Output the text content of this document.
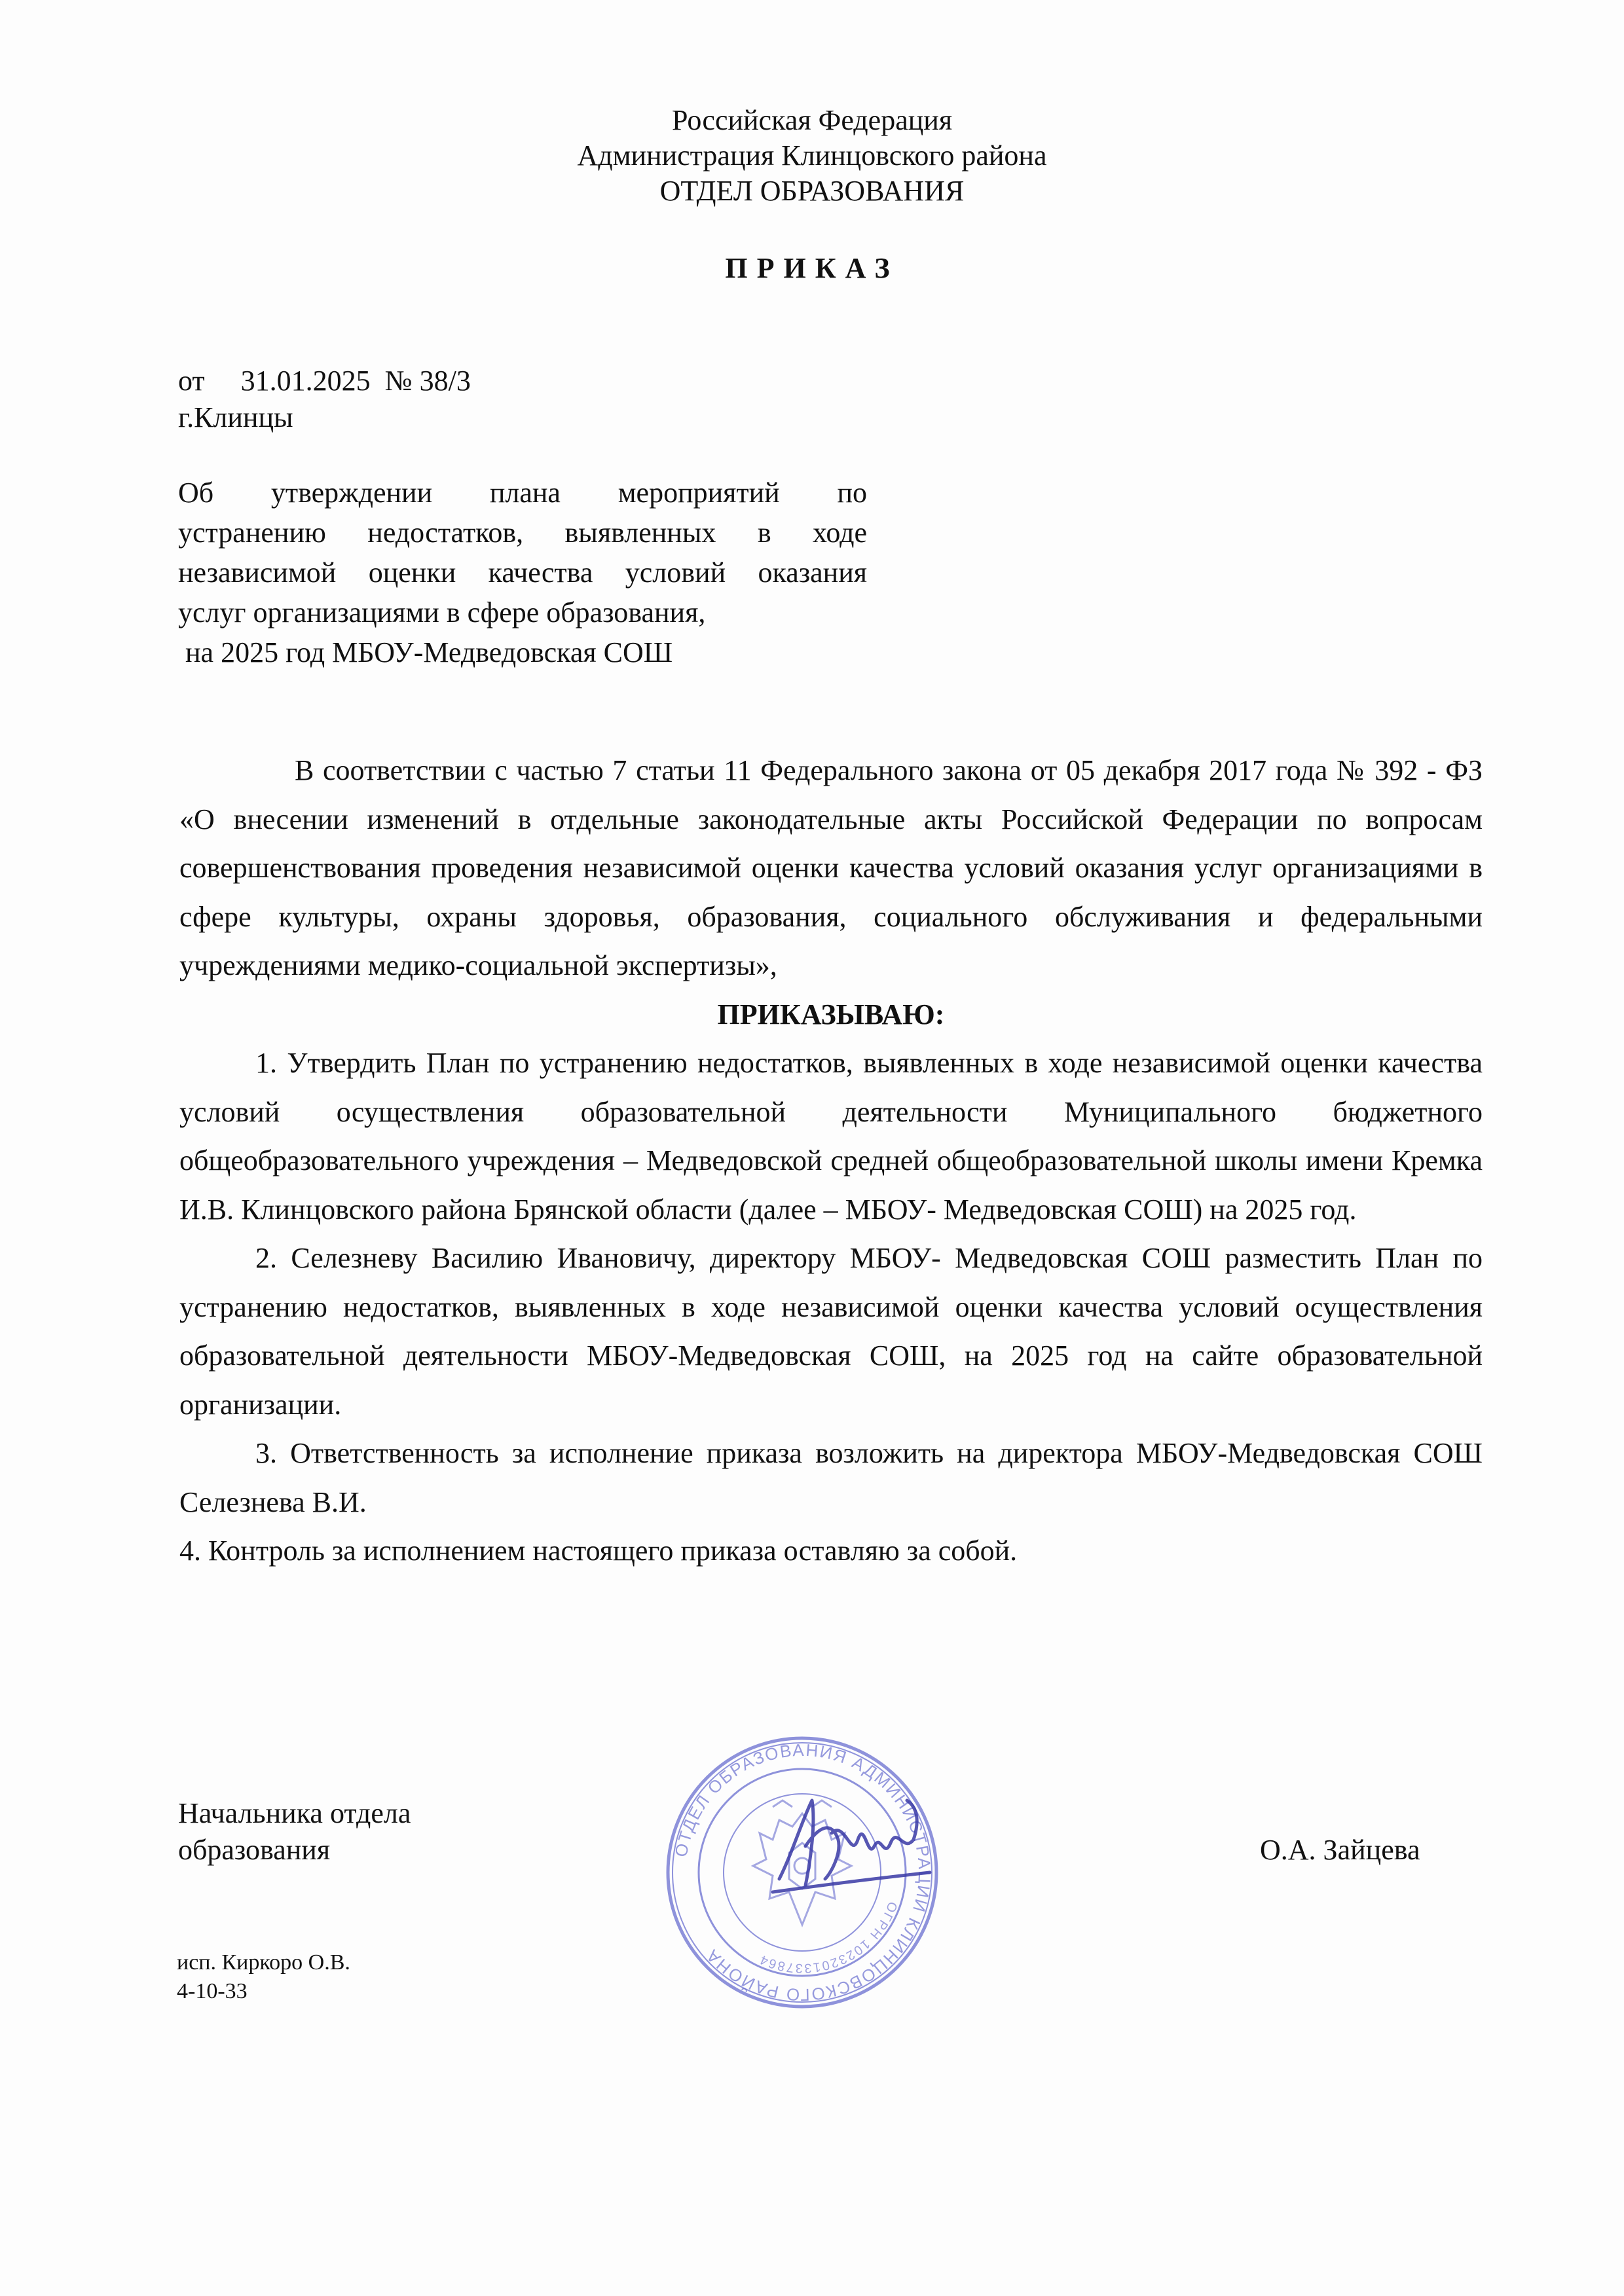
Российская Федерация
Администрация Клинцовского района
ОТДЕЛ ОБРАЗОВАНИЯ
ПРИКАЗ
от     31.01.2025  № 38/3
г.Клинцы
Об утверждении плана мероприятий по
устранению недостатков, выявленных в ходе
независимой оценки качества условий оказания
услуг организациями в сфере образования,
на 2025 год МБОУ-Медведовская СОШ

В соответствии с частью 7 статьи 11 Федерального закона от 05 декабря 2017 года № 392 - ФЗ «О внесении изменений в отдельные законодательные акты Российской Федерации по вопросам совершенствования проведения независимой оценки качества условий оказания услуг организациями в сфере культуры, охраны здоровья, образования, социального обслуживания и федеральными учреждениями медико-социальной экспертизы»,

ПРИКАЗЫВАЮ:

1. Утвердить План по устранению недостатков, выявленных в ходе независимой оценки качества условий осуществления образовательной деятельности Муниципального бюджетного общеобразовательного учреждения – Медведовской средней общеобразовательной школы имени Кремка И.В. Клинцовского района Брянской области (далее – МБОУ- Медведовская СОШ) на 2025 год.

2. Селезневу Василию Ивановичу, директору МБОУ- Медведовская СОШ разместить План по устранению недостатков, выявленных в ходе независимой оценки качества условий осуществления образовательной деятельности МБОУ-Медведовская СОШ, на 2025 год на сайте образовательной организации.

3. Ответственность за исполнение приказа возложить на директора МБОУ-Медведовская СОШ Селезнева В.И.

4. Контроль за исполнением настоящего приказа оставляю за собой.

ОТДЕЛ ОБРАЗОВАНИЯ АДМИНИСТРАЦИИ КЛИНЦОВСКОГО РАЙОНА
ОГРН 1023201337864
Начальника отдела
образования	О.А. Зайцева
исп. Киркоро О.В.
4-10-33
